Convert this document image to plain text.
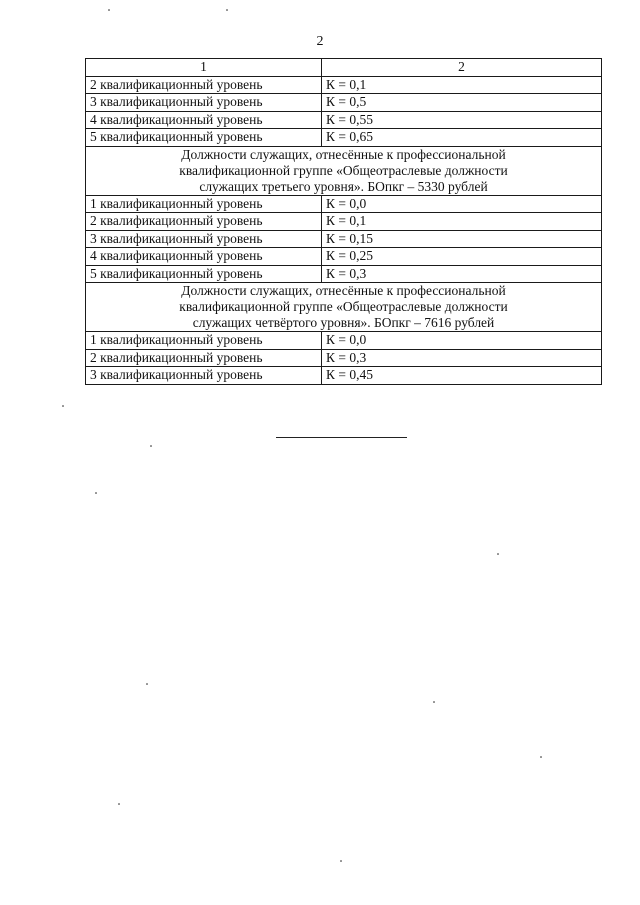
2
1	2
2 квалификационный уровень	К = 0,1
3 квалификационный уровень	К = 0,5
4 квалификационный уровень	К = 0,55
5 квалификационный уровень	К = 0,65

Должности служащих, отнесённые к профессиональной
квалификационной группе «Общеотраслевые должности
служащих третьего уровня». БОпкг – 5330 рублей	

1 квалификационный уровень	К = 0,0
2 квалификационный уровень	К = 0,1
3 квалификационный уровень	К = 0,15
4 квалификационный уровень	К = 0,25
5 квалификационный уровень	К = 0,3

Должности служащих, отнесённые к профессиональной
квалификационной группе «Общеотраслевые должности
служащих четвёртого уровня». БОпкг – 7616 рублей	

1 квалификационный уровень	К = 0,0
2 квалификационный уровень	К = 0,3
3 квалификационный уровень	К = 0,45
